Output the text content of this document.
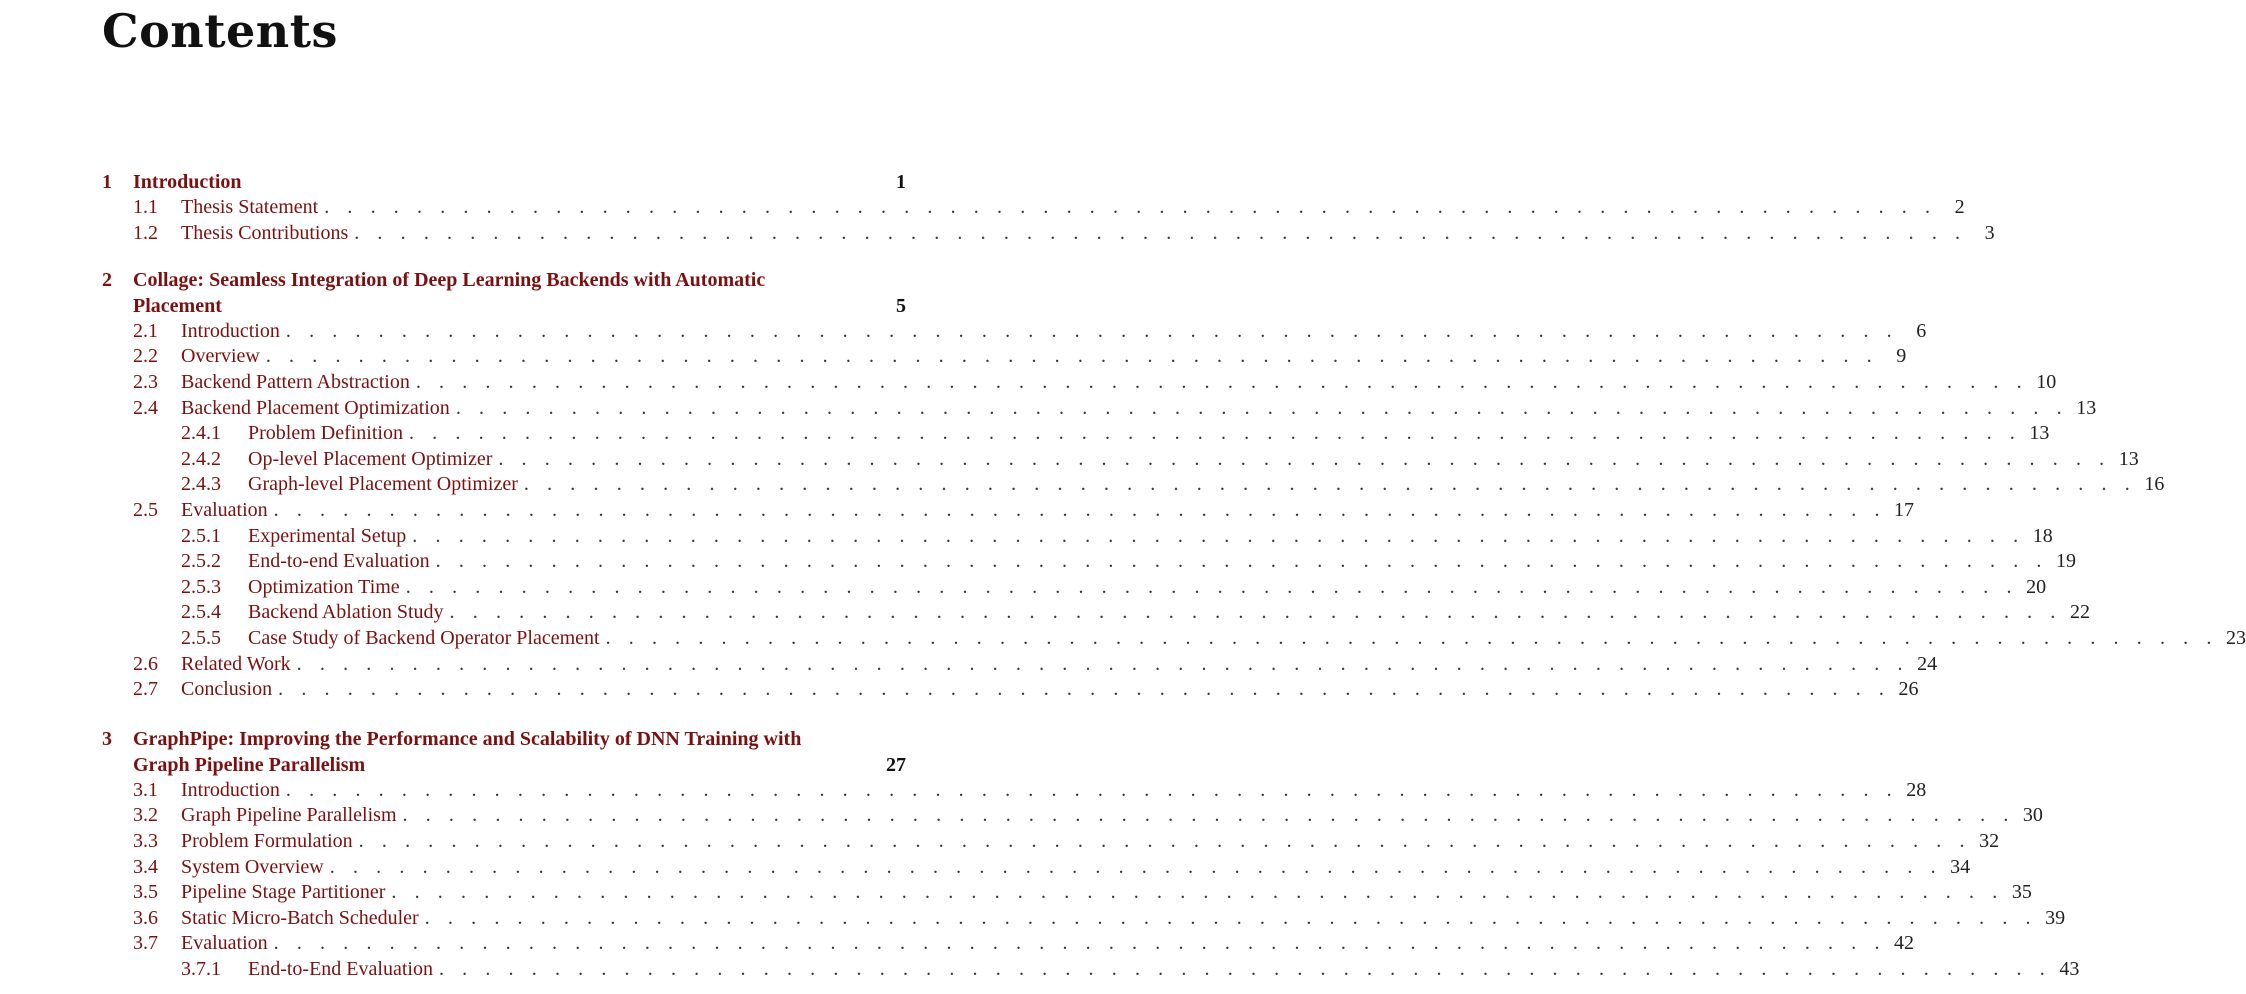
Contents
1 Introduction	1
1.1	Thesis Statement . . . . . . . . . . . . . . . . . . . . . . . . . . . . . . . . . . . . . . . . . . . . . . . . . . . . . . . . . . . . . . . . . . . . . . 2
1.2	Thesis Contributions . . . . . . . . . . . . . . . . . . . . . . . . . . . . . . . . . . . . . . . . . . . . . . . . . . . . . . . . . . . . . . . . . . . . . . 3
2 Collage: Seamless Integration of Deep Learning Backends with Automatic
Placement	5
2.1	Introduction . . . . . . . . . . . . . . . . . . . . . . . . . . . . . . . . . . . . . . . . . . . . . . . . . . . . . . . . . . . . . . . . . . . . . . 6
2.2	Overview . . . . . . . . . . . . . . . . . . . . . . . . . . . . . . . . . . . . . . . . . . . . . . . . . . . . . . . . . . . . . . . . . . . . . . 9
2.3	Backend Pattern Abstraction . . . . . . . . . . . . . . . . . . . . . . . . . . . . . . . . . . . . . . . . . . . . . . . . . . . . . . . . . . . . . . . . . . . . . . 10
2.4	Backend Placement Optimization . . . . . . . . . . . . . . . . . . . . . . . . . . . . . . . . . . . . . . . . . . . . . . . . . . . . . . . . . . . . . . . . . . . . . . 13
2.4.1	Problem Definition . . . . . . . . . . . . . . . . . . . . . . . . . . . . . . . . . . . . . . . . . . . . . . . . . . . . . . . . . . . . . . . . . . . . . . 13
2.4.2	Op-level Placement Optimizer . . . . . . . . . . . . . . . . . . . . . . . . . . . . . . . . . . . . . . . . . . . . . . . . . . . . . . . . . . . . . . . . . . . . . . 13
2.4.3	Graph-level Placement Optimizer . . . . . . . . . . . . . . . . . . . . . . . . . . . . . . . . . . . . . . . . . . . . . . . . . . . . . . . . . . . . . . . . . . . . . . 16
2.5	Evaluation . . . . . . . . . . . . . . . . . . . . . . . . . . . . . . . . . . . . . . . . . . . . . . . . . . . . . . . . . . . . . . . . . . . . . . 17
2.5.1	Experimental Setup . . . . . . . . . . . . . . . . . . . . . . . . . . . . . . . . . . . . . . . . . . . . . . . . . . . . . . . . . . . . . . . . . . . . . . 18
2.5.2	End-to-end Evaluation . . . . . . . . . . . . . . . . . . . . . . . . . . . . . . . . . . . . . . . . . . . . . . . . . . . . . . . . . . . . . . . . . . . . . . 19
2.5.3	Optimization Time . . . . . . . . . . . . . . . . . . . . . . . . . . . . . . . . . . . . . . . . . . . . . . . . . . . . . . . . . . . . . . . . . . . . . . 20
2.5.4	Backend Ablation Study . . . . . . . . . . . . . . . . . . . . . . . . . . . . . . . . . . . . . . . . . . . . . . . . . . . . . . . . . . . . . . . . . . . . . . 22
2.5.5	Case Study of Backend Operator Placement . . . . . . . . . . . . . . . . . . . . . . . . . . . . . . . . . . . . . . . . . . . . . . . . . . . . . . . . . . . . . . . . . . . . . . 23
2.6	Related Work . . . . . . . . . . . . . . . . . . . . . . . . . . . . . . . . . . . . . . . . . . . . . . . . . . . . . . . . . . . . . . . . . . . . . . 24
2.7	Conclusion . . . . . . . . . . . . . . . . . . . . . . . . . . . . . . . . . . . . . . . . . . . . . . . . . . . . . . . . . . . . . . . . . . . . . . 26
3 GraphPipe: Improving the Performance and Scalability of DNN Training with
Graph Pipeline Parallelism	27
3.1	Introduction . . . . . . . . . . . . . . . . . . . . . . . . . . . . . . . . . . . . . . . . . . . . . . . . . . . . . . . . . . . . . . . . . . . . . . 28
3.2	Graph Pipeline Parallelism . . . . . . . . . . . . . . . . . . . . . . . . . . . . . . . . . . . . . . . . . . . . . . . . . . . . . . . . . . . . . . . . . . . . . . 30
3.3	Problem Formulation . . . . . . . . . . . . . . . . . . . . . . . . . . . . . . . . . . . . . . . . . . . . . . . . . . . . . . . . . . . . . . . . . . . . . . 32
3.4	System Overview . . . . . . . . . . . . . . . . . . . . . . . . . . . . . . . . . . . . . . . . . . . . . . . . . . . . . . . . . . . . . . . . . . . . . . 34
3.5	Pipeline Stage Partitioner . . . . . . . . . . . . . . . . . . . . . . . . . . . . . . . . . . . . . . . . . . . . . . . . . . . . . . . . . . . . . . . . . . . . . . 35
3.6	Static Micro-Batch Scheduler . . . . . . . . . . . . . . . . . . . . . . . . . . . . . . . . . . . . . . . . . . . . . . . . . . . . . . . . . . . . . . . . . . . . . . 39
3.7	Evaluation . . . . . . . . . . . . . . . . . . . . . . . . . . . . . . . . . . . . . . . . . . . . . . . . . . . . . . . . . . . . . . . . . . . . . . 42
3.7.1	End-to-End Evaluation . . . . . . . . . . . . . . . . . . . . . . . . . . . . . . . . . . . . . . . . . . . . . . . . . . . . . . . . . . . . . . . . . . . . . . 43
